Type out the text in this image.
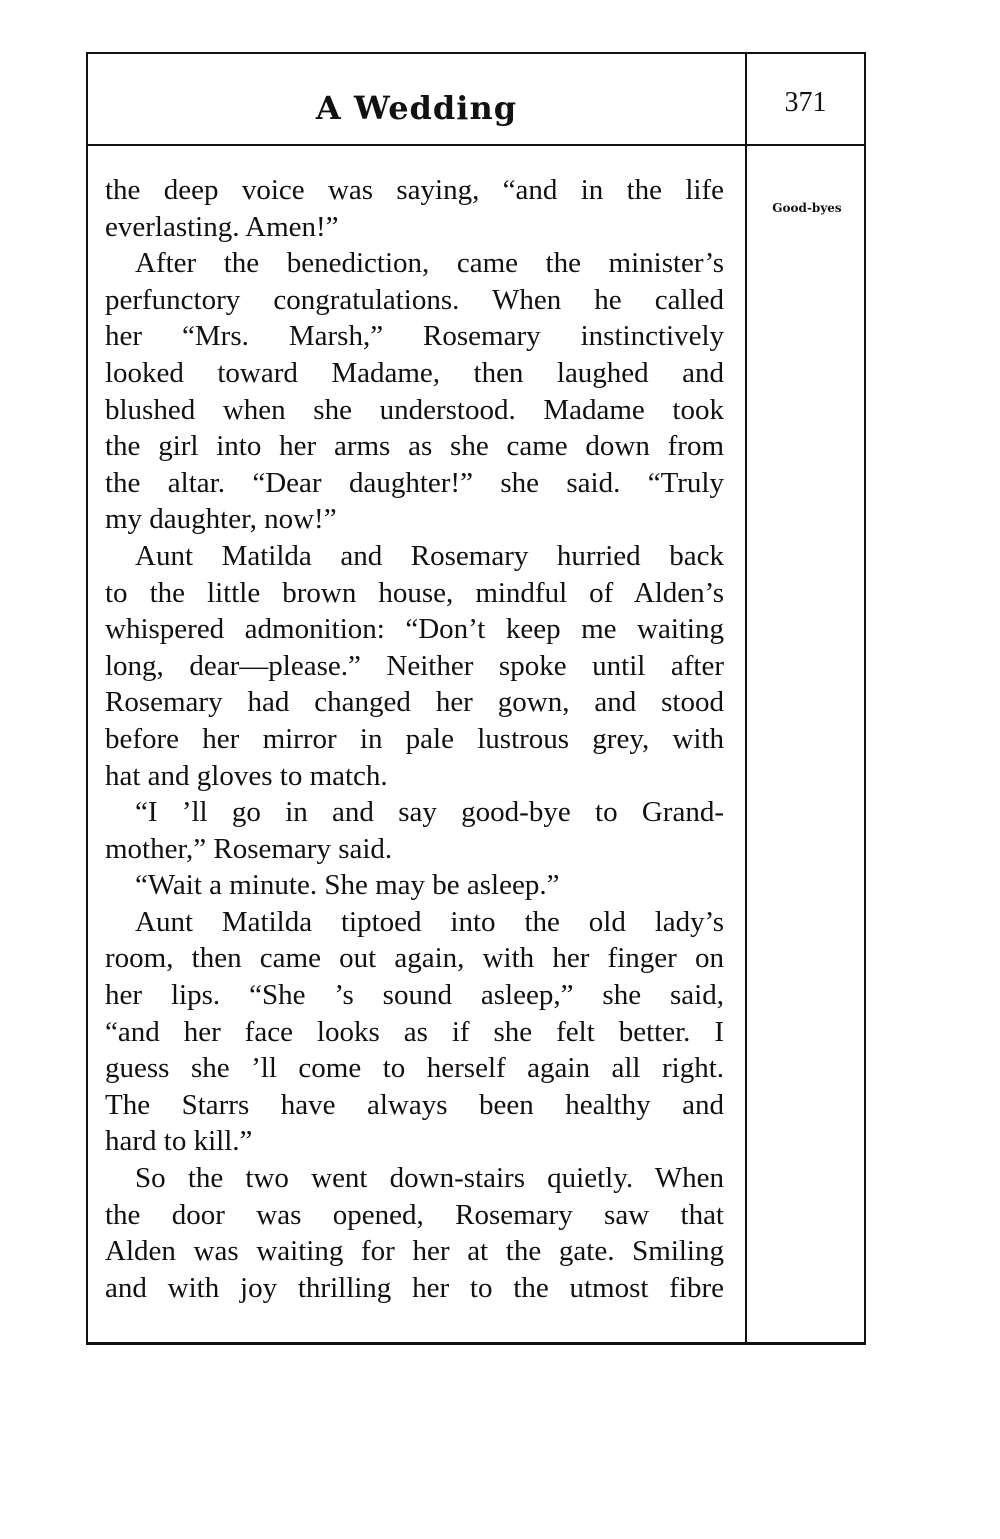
A Wedding	371
Good-byes
the deep voice was saying, “and in the life
everlasting. Amen!”
After the benediction, came the minister’s
perfunctory congratulations. When he called
her “Mrs. Marsh,” Rosemary instinctively
looked toward Madame, then laughed and
blushed when she understood. Madame took
the girl into her arms as she came down from
the altar. “Dear daughter!” she said. “Truly
my daughter, now!”
Aunt Matilda and Rosemary hurried back
to the little brown house, mindful of Alden’s
whispered admonition: “Don’t keep me waiting
long, dear—please.” Neither spoke until after
Rosemary had changed her gown, and stood
before her mirror in pale lustrous grey, with
hat and gloves to match.
“I ’ll go in and say good-bye to Grand-
mother,” Rosemary said.
“Wait a minute. She may be asleep.”
Aunt Matilda tiptoed into the old lady’s
room, then came out again, with her finger on
her lips. “She ’s sound asleep,” she said,
“and her face looks as if she felt better. I
guess she ’ll come to herself again all right.
The Starrs have always been healthy and
hard to kill.”
So the two went down-stairs quietly. When
the door was opened, Rosemary saw that
Alden was waiting for her at the gate. Smiling
and with joy thrilling her to the utmost fibre
